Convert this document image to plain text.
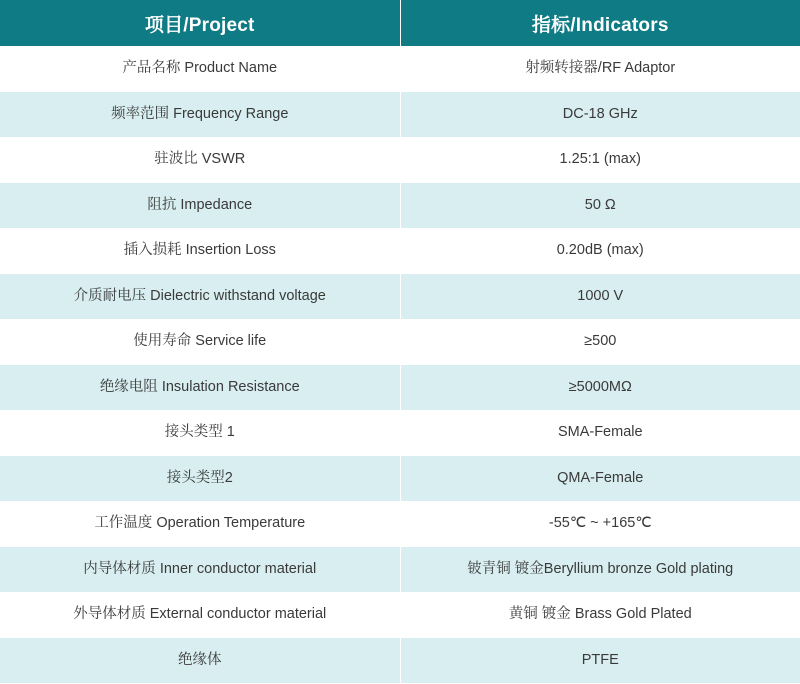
项目/Project	指标/Indicators
产品名称 Product Name	射频转接器/RF Adaptor
频率范围 Frequency Range	DC-18 GHz
驻波比 VSWR	1.25:1 (max)
阻抗 Impedance	50 Ω
插入损耗 Insertion Loss	0.20dB (max)
介质耐电压 Dielectric withstand voltage	1000 V
使用寿命 Service life	≥500
绝缘电阻 Insulation Resistance	≥5000MΩ
接头类型 1	SMA-Female
接头类型2	QMA-Female
工作温度 Operation Temperature	-55℃ ~ +165℃
内导体材质 Inner conductor material	铍青铜 镀金Beryllium bronze Gold plating
外导体材质 External conductor material	黄铜 镀金 Brass Gold Plated
绝缘体	PTFE
